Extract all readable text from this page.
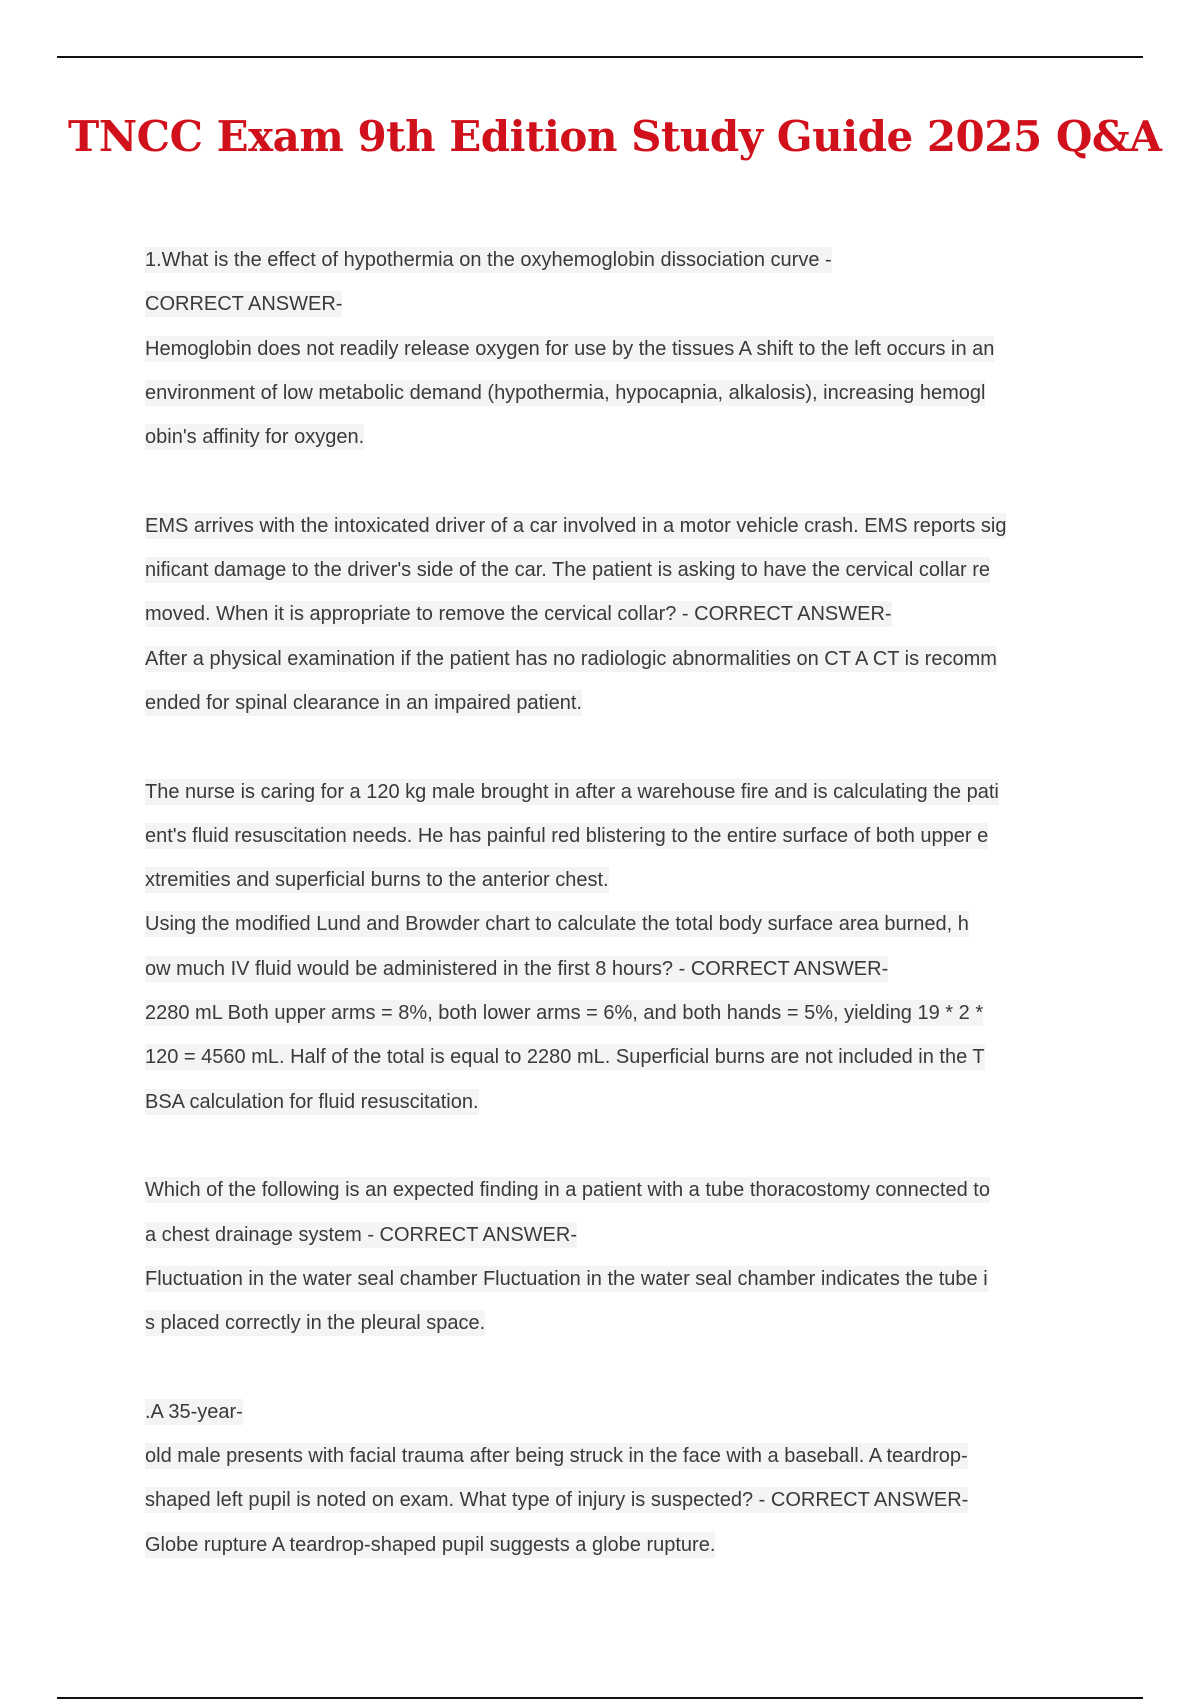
TNCC Exam 9th Edition Study Guide 2025 Q&A
1.What is the effect of hypothermia on the oxyhemoglobin dissociation curve -
CORRECT ANSWER-
Hemoglobin does not readily release oxygen for use by the tissues A shift to the left occurs in an
environment of low metabolic demand (hypothermia, hypocapnia, alkalosis), increasing hemogl
obin's affinity for oxygen.
EMS arrives with the intoxicated driver of a car involved in a motor vehicle crash. EMS reports sig
nificant damage to the driver's side of the car. The patient is asking to have the cervical collar re
moved. When it is appropriate to remove the cervical collar? - CORRECT ANSWER-
After a physical examination if the patient has no radiologic abnormalities on CT A CT is recomm
ended for spinal clearance in an impaired patient.
The nurse is caring for a 120 kg male brought in after a warehouse fire and is calculating the pati
ent's fluid resuscitation needs. He has painful red blistering to the entire surface of both upper e
xtremities and superficial burns to the anterior chest.
Using the modified Lund and Browder chart to calculate the total body surface area burned, h
ow much IV fluid would be administered in the first 8 hours? - CORRECT ANSWER-
2280 mL Both upper arms = 8%, both lower arms = 6%, and both hands = 5%, yielding 19 * 2 *
120 = 4560 mL. Half of the total is equal to 2280 mL. Superficial burns are not included in the T
BSA calculation for fluid resuscitation.
Which of the following is an expected finding in a patient with a tube thoracostomy connected to
a chest drainage system - CORRECT ANSWER-
Fluctuation in the water seal chamber Fluctuation in the water seal chamber indicates the tube i
s placed correctly in the pleural space.
.A 35-year-
old male presents with facial trauma after being struck in the face with a baseball. A teardrop-
shaped left pupil is noted on exam. What type of injury is suspected? - CORRECT ANSWER-
Globe rupture A teardrop-shaped pupil suggests a globe rupture.
